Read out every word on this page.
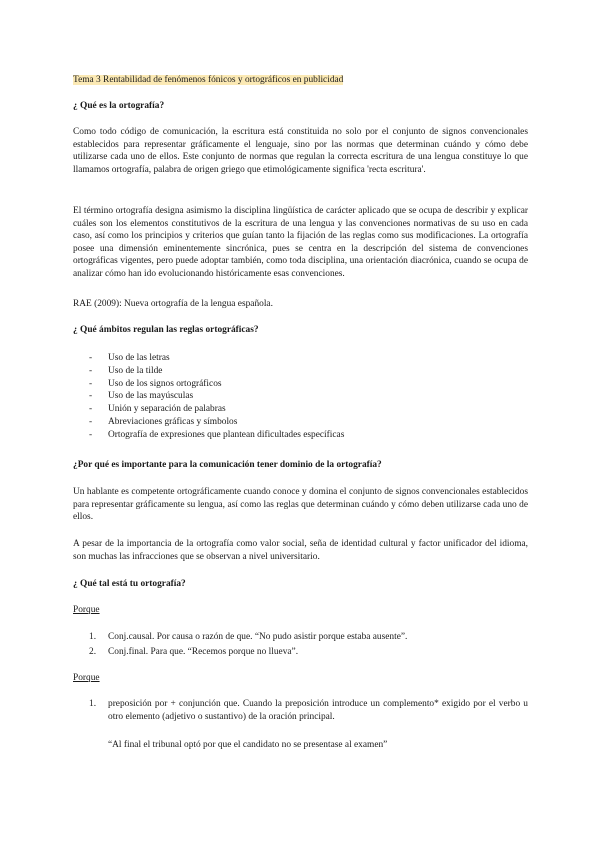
Tema 3 Rentabilidad de fenómenos fónicos y ortográficos en publicidad

¿ Qué es la ortografía?

Como todo código de comunicación, la escritura está constituida no solo por el conjunto de signos convencionales establecidos para representar gráficamente el lenguaje, sino por las normas que determinan cuándo y cómo debe utilizarse cada uno de ellos. Este conjunto de normas que regulan la correcta escritura de una lengua constituye lo que llamamos ortografía, palabra de origen griego que etimológicamente significa 'recta escritura'.

El término ortografía designa asimismo la disciplina lingüística de carácter aplicado que se ocupa de describir y explicar cuáles son los elementos constitutivos de la escritura de una lengua y las convenciones normativas de su uso en cada caso, así como los principios y criterios que guían tanto la fijación de las reglas como sus modificaciones. La ortografía posee una dimensión eminentemente sincrónica, pues se centra en la descripción del sistema de convenciones ortográficas vigentes, pero puede adoptar también, como toda disciplina, una orientación diacrónica, cuando se ocupa de analizar cómo han ido evolucionando históricamente esas convenciones.

RAE (2009): Nueva ortografía de la lengua española.

¿ Qué ámbitos regulan las reglas ortográficas?

- Uso de las letras
- Uso de la tilde
- Uso de los signos ortográficos
- Uso de las mayúsculas
- Unión y separación de palabras
- Abreviaciones gráficas y símbolos
- Ortografía de expresiones que plantean dificultades específicas

¿Por qué es importante para la comunicación tener dominio de la ortografía?

Un hablante es competente ortográficamente cuando conoce y domina el conjunto de signos convencionales establecidos para representar gráficamente su lengua, así como las reglas que determinan cuándo y cómo deben utilizarse cada uno de ellos.

A pesar de la importancia de la ortografía como valor social, seña de identidad cultural y factor unificador del idioma, son muchas las infracciones que se observan a nivel universitario.

¿ Qué tal está tu ortografía?

Porque

1. Conj.causal. Por causa o razón de que. “No pudo asistir porque estaba ausente”.
2. Conj.final. Para que. “Recemos porque no llueva”.

Porque

1. preposición por + conjunción que. Cuando la preposición introduce un complemento* exigido por el verbo u otro elemento (adjetivo o sustantivo) de la oración principal.

“Al final el tribunal optó por que el candidato no se presentase al examen”
